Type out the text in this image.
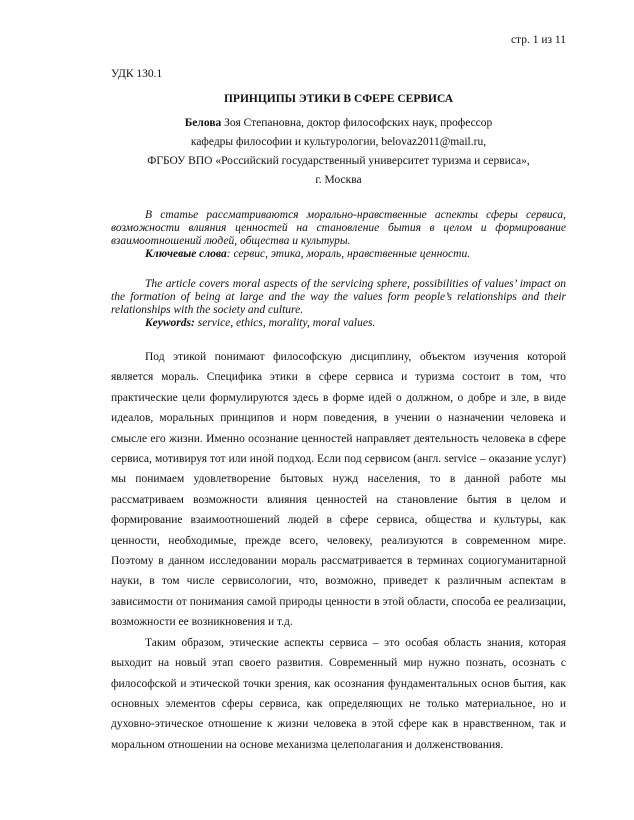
стр. 1 из 11
УДК 130.1
ПРИНЦИПЫ ЭТИКИ В СФЕРЕ СЕРВИСА
Белова Зоя Степановна, доктор философских наук, профессор
кафедры философии и культурологии, belovaz2011@mail.ru,
ФГБОУ ВПО «Российский государственный университет туризма и сервиса»,
г. Москва

В статье рассматриваются морально-нравственные аспекты сферы сервиса, возможности влияния ценностей на становление бытия в целом и формирование взаимоотношений людей, общества и культуры.

Ключевые слова: сервис, этика, мораль, нравственные ценности.

The article covers moral aspects of the servicing sphere, possibilities of values’ impact on the formation of being at large and the way the values form people’s relationships and their relationships with the society and culture.

Keywords: service, ethics, morality, moral values.

Под этикой понимают философскую дисциплину, объектом изучения которой является мораль. Специфика этики в сфере сервиса и туризма состоит в том, что практические цели формулируются здесь в форме идей о должном, о добре и зле, в виде идеалов, моральных принципов и норм поведения, в учении о назначении человека и смысле его жизни. Именно осознание ценностей направляет деятельность человека в сфере сервиса, мотивируя тот или иной подход. Если под сервисом (англ. service – оказание услуг) мы понимаем удовлетворение бытовых нужд населения, то в данной работе мы рассматриваем возможности влияния ценностей на становление бытия в целом и формирование взаимоотношений людей в сфере сервиса, общества и культуры, как ценности, необходимые, прежде всего, человеку, реализуются в современном мире. Поэтому в данном исследовании мораль рассматривается в терминах социогуманитарной науки, в том числе сервисологии, что, возможно, приведет к различным аспектам в зависимости от понимания самой природы ценности в этой области, способа ее реализации, возможности ее возникновения и т.д.

Таким образом, этические аспекты сервиса – это особая область знания, которая выходит на новый этап своего развития. Современный мир нужно познать, осознать с философской и этической точки зрения, как осознания фундаментальных основ бытия, как основных элементов сферы сервиса, как определяющих не только материальное, но и духовно-этическое отношение к жизни человека в этой сфере как в нравственном, так и моральном отношении на основе механизма целеполагания и долженствования.
